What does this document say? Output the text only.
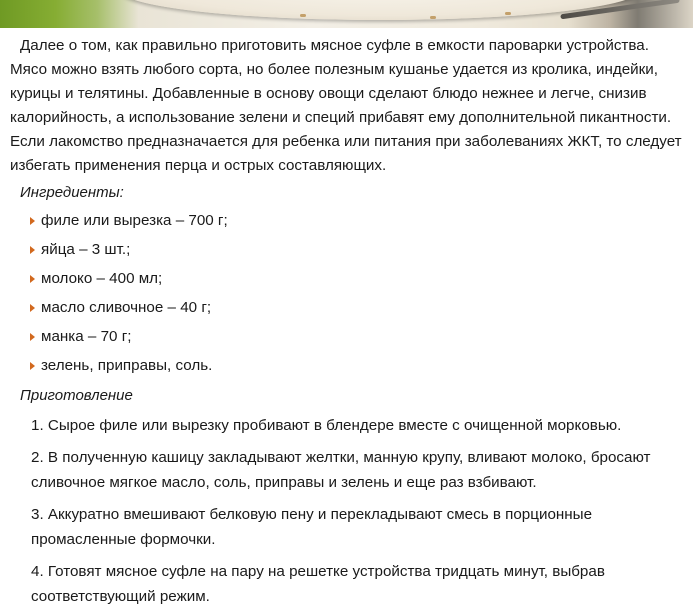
Далее о том, как правильно приготовить мясное суфле в емкости пароварки устройства. Мясо можно взять любого сорта, но более полезным кушанье удается из кролика, индейки, курицы и телятины. Добавленные в основу овощи сделают блюдо нежнее и легче, снизив калорийность, а использование зелени и специй прибавят ему дополнительной пикантности. Если лакомство предназначается для ребенка или питания при заболеваниях ЖКТ, то следует избегать применения перца и острых составляющих.

Ингредиенты:
филе или вырезка – 700 г;
яйца – 3 шт.;
молоко – 400 мл;
масло сливочное – 40 г;
манка – 70 г;
зелень, приправы, соль.
Приготовление
1. Сырое филе или вырезку пробивают в блендере вместе с очищенной морковью.
2. В полученную кашицу закладывают желтки, манную крупу, вливают молоко, бросают сливочное мягкое масло, соль, приправы и зелень и еще раз взбивают.
3. Аккуратно вмешивают белковую пену и перекладывают смесь в порционные промасленные формочки.
4. Готовят мясное суфле на пару на решетке устройства тридцать минут, выбрав соответствующий режим.
